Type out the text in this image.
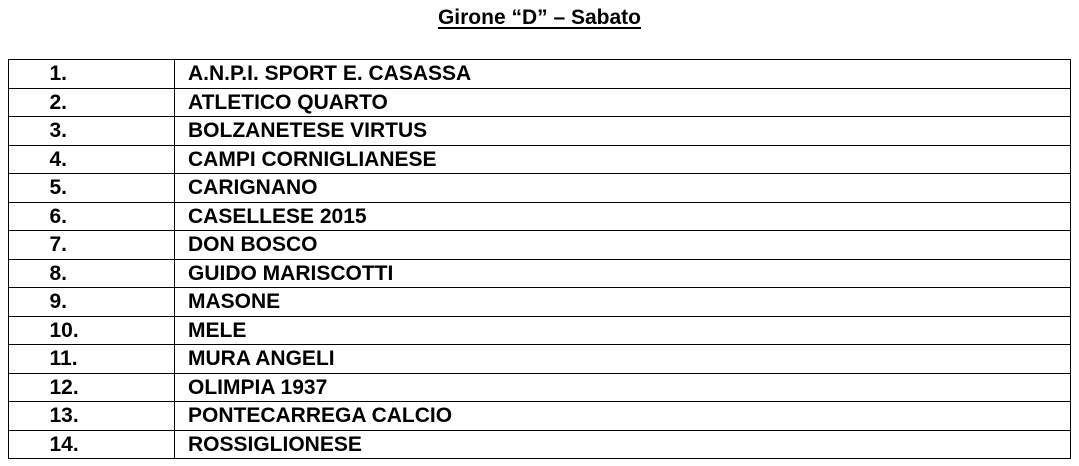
Girone “D” – Sabato
1.	A.N.P.I. SPORT E. CASASSA
2.	ATLETICO QUARTO
3.	BOLZANETESE VIRTUS
4.	CAMPI CORNIGLIANESE
5.	CARIGNANO
6.	CASELLESE 2015
7.	DON BOSCO
8.	GUIDO MARISCOTTI
9.	MASONE
10.	MELE
11.	MURA ANGELI
12.	OLIMPIA 1937
13.	PONTECARREGA CALCIO
14.	ROSSIGLIONESE
